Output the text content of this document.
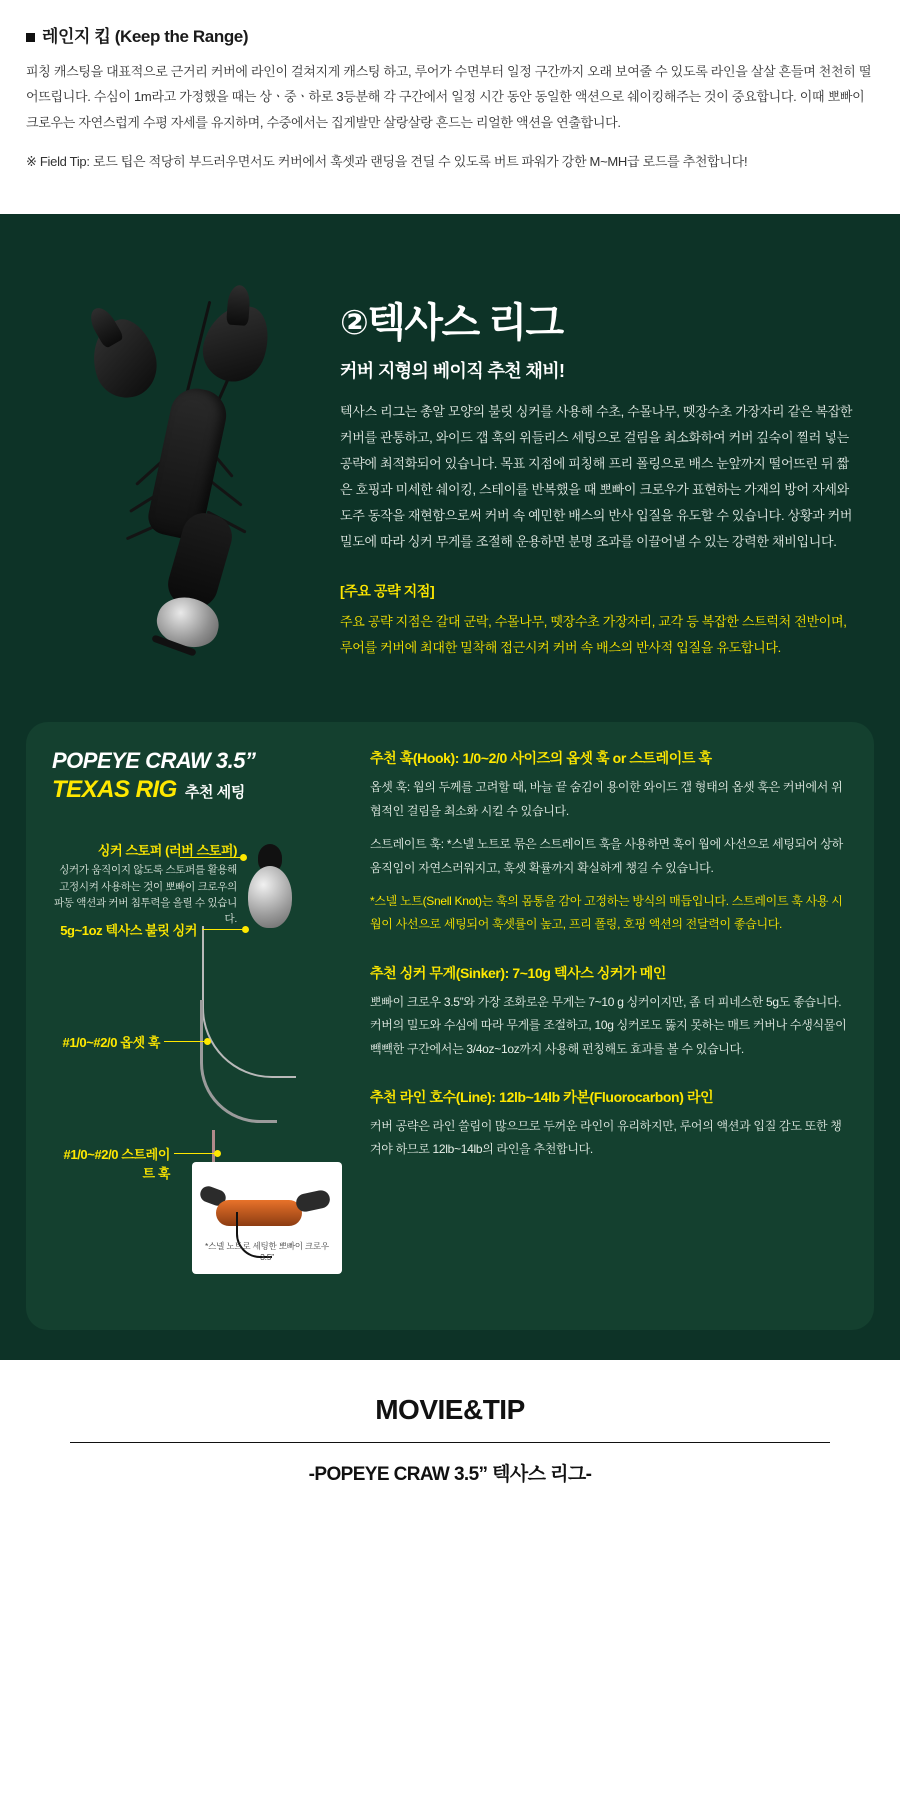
레인지 킵 (Keep the Range)

피칭 캐스팅을 대표적으로 근거리 커버에 라인이 걸쳐지게 캐스팅 하고, 루어가 수면부터 일정 구간까지 오래 보여줄 수 있도록 라인을 살살 흔들며 천천히 떨어뜨립니다. 수심이 1m라고 가정했을 때는 상ㆍ중ㆍ하로 3등분해 각 구간에서 일정 시간 동안 동일한 액션으로 쉐이킹해주는 것이 중요합니다. 이때 뽀빠이 크로우는 자연스럽게 수평 자세를 유지하며, 수중에서는 집게발만 살랑살랑 흔드는 리얼한 액션을 연출합니다.

※ Field Tip: 로드 팁은 적당히 부드러우면서도 커버에서 훅셋과 랜딩을 견딜 수 있도록 버트 파워가 강한 M~MH급 로드를 추천합니다!

②텍사스 리그
커버 지형의 베이직 추천 채비!

텍사스 리그는 총알 모양의 불릿 싱커를 사용해 수초, 수몰나무, 뗏장수초 가장자리 같은 복잡한 커버를 관통하고, 와이드 갭 훅의 위들리스 세팅으로 걸림을 최소화하여 커버 깊숙이 찔러 넣는 공략에 최적화되어 있습니다. 목표 지점에 피칭해 프리 폴링으로 배스 눈앞까지 떨어뜨린 뒤 짧은 호핑과 미세한 쉐이킹, 스테이를 반복했을 때 뽀빠이 크로우가 표현하는 가재의 방어 자세와 도주 동작을 재현함으로써 커버 속 예민한 배스의 반사 입질을 유도할 수 있습니다. 상황과 커버 밀도에 따라 싱커 무게를 조절해 운용하면 분명 조과를 이끌어낼 수 있는 강력한 채비입니다.

[주요 공략 지점]

주요 공략 지점은 갈대 군락, 수몰나무, 뗏장수초 가장자리, 교각 등 복잡한 스트럭처 전반이며, 루어를 커버에 최대한 밀착해 접근시켜 커버 속 배스의 반사적 입질을 유도합니다.

POPEYE CRAW 3.5”

TEXAS RIG 추천 세팅

싱커 스토퍼 (러버 스토퍼)
싱커가 움직이지 않도록 스토퍼를 활용해 고정시켜 사용하는 것이 뽀빠이 크로우의 파동 액션과 커버 침투력을 올릴 수 있습니다.
5g~1oz 텍사스 불릿 싱커
#1/0~#2/0 옵셋 훅
#1/0~#2/0 스트레이트 훅
*스넬 노트로 세팅한 뽀빠이 크로우 3.5”

추천 훅(Hook): 1/0~2/0 사이즈의 옵셋 훅 or 스트레이트 훅

옵셋 훅: 웜의 두께를 고려할 때, 바늘 끝 숨김이 용이한 와이드 갭 형태의 옵셋 훅은 커버에서 위협적인 걸림을 최소화 시킬 수 있습니다.

스트레이트 훅: *스넬 노트로 묶은 스트레이트 훅을 사용하면 훅이 웜에 사선으로 세팅되어 상하 움직임이 자연스러워지고, 훅셋 확률까지 확실하게 챙길 수 있습니다.

*스넬 노트(Snell Knot)는 훅의 몸통을 감아 고정하는 방식의 매듭입니다. 스트레이트 훅 사용 시 웜이 사선으로 세팅되어 훅셋률이 높고, 프리 폴링, 호핑 액션의 전달력이 좋습니다.

추천 싱커 무게(Sinker): 7~10g 텍사스 싱커가 메인

뽀빠이 크로우 3.5”와 가장 조화로운 무게는 7~10 g 싱커이지만, 좀 더 피네스한 5g도 좋습니다. 커버의 밀도와 수심에 따라 무게를 조절하고, 10g 싱커로도 뚫지 못하는 매트 커버나 수생식물이 빽빽한 구간에서는 3/4oz~1oz까지 사용해 펀칭해도 효과를 볼 수 있습니다.

추천 라인 호수(Line): 12lb~14lb 카본(Fluorocarbon) 라인

커버 공략은 라인 쓸림이 많으므로 두꺼운 라인이 유리하지만, 루어의 액션과 입질 감도 또한 챙겨야 하므로 12lb~14lb의 라인을 추천합니다.

MOVIE&TIP

-POPEYE CRAW 3.5” 텍사스 리그-
